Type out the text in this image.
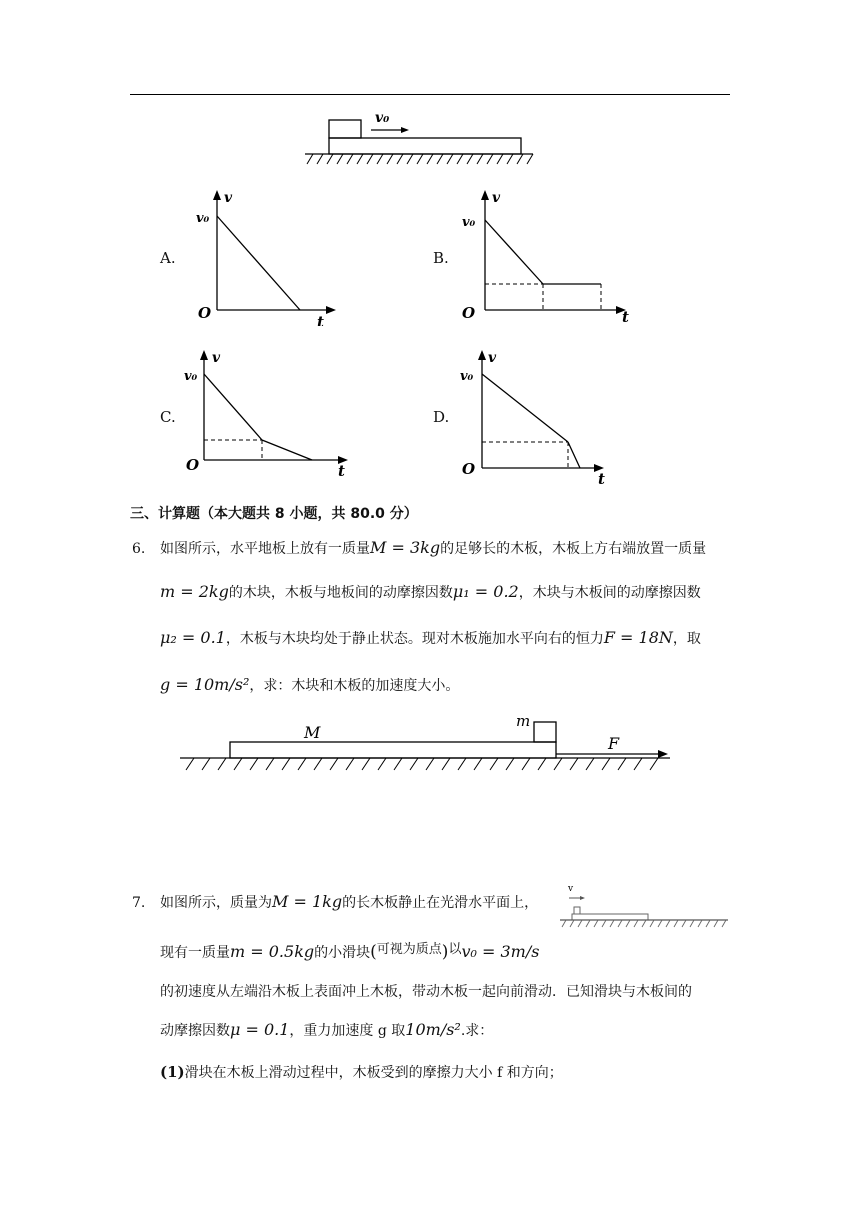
v₀
A.
v
v₀
O	t
B.
v
v₀
O	t
C.
v
v₀
O	t
D.
v
v₀
O
t
三、计算题（本大题共 8 小题，共 80.0 分）
6. 如图所示，水平地板上放有一质量M = 3kg的足够长的木板，木板上方右端放置一质量
m = 2kg的木块，木板与地板间的动摩擦因数μ₁ = 0.2，木块与木板间的动摩擦因数
μ₂ = 0.1，木板与木块均处于静止状态。现对木板施加水平向右的恒力F = 18N，取
g = 10m/s²，求：木块和木板的加速度大小。
M
m
F
7. 如图所示，质量为M = 1kg的长木板静止在光滑水平面上，
现有一质量m = 0.5kg的小滑块(可视为质点)以v₀ = 3m/s
的初速度从左端沿木板上表面冲上木板，带动木板一起向前滑动．已知滑块与木板间的
动摩擦因数μ = 0.1，重力加速度 g 取10m/s².求：
(1)滑块在木板上滑动过程中，木板受到的摩擦力大小 f 和方向；
v
